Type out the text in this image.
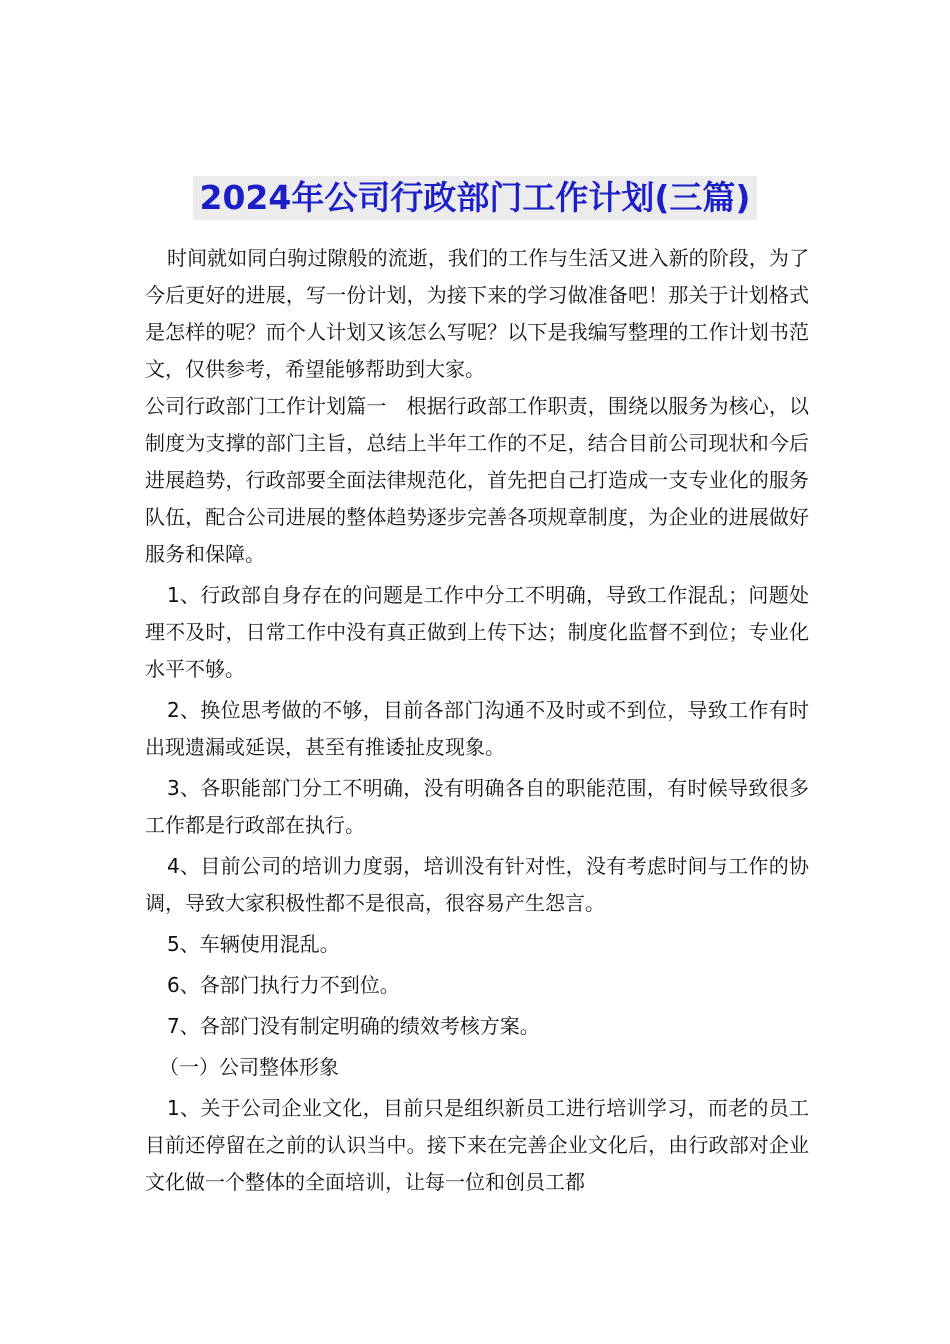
2024年公司行政部门工作计划(三篇)

时间就如同白驹过隙般的流逝，我们的工作与生活又进入新的阶段，为了今后更好的进展，写一份计划，为接下来的学习做准备吧！那关于计划格式是怎样的呢？而个人计划又该怎么写呢？以下是我编写整理的工作计划书范文，仅供参考，希望能够帮助到大家。

公司行政部门工作计划篇一　根据行政部工作职责，围绕以服务为核心，以制度为支撑的部门主旨，总结上半年工作的不足，结合目前公司现状和今后进展趋势，行政部要全面法律规范化，首先把自己打造成一支专业化的服务队伍，配合公司进展的整体趋势逐步完善各项规章制度，为企业的进展做好服务和保障。

1、行政部自身存在的问题是工作中分工不明确，导致工作混乱；问题处理不及时，日常工作中没有真正做到上传下达；制度化监督不到位；专业化水平不够。

2、换位思考做的不够，目前各部门沟通不及时或不到位，导致工作有时出现遗漏或延误，甚至有推诿扯皮现象。

3、各职能部门分工不明确，没有明确各自的职能范围，有时候导致很多工作都是行政部在执行。

4、目前公司的培训力度弱，培训没有针对性，没有考虑时间与工作的协调，导致大家积极性都不是很高，很容易产生怨言。

5、车辆使用混乱。

6、各部门执行力不到位。

7、各部门没有制定明确的绩效考核方案。

（一）公司整体形象

1、关于公司企业文化，目前只是组织新员工进行培训学习，而老的员工目前还停留在之前的认识当中。接下来在完善企业文化后，由行政部对企业文化做一个整体的全面培训，让每一位和创员工都
